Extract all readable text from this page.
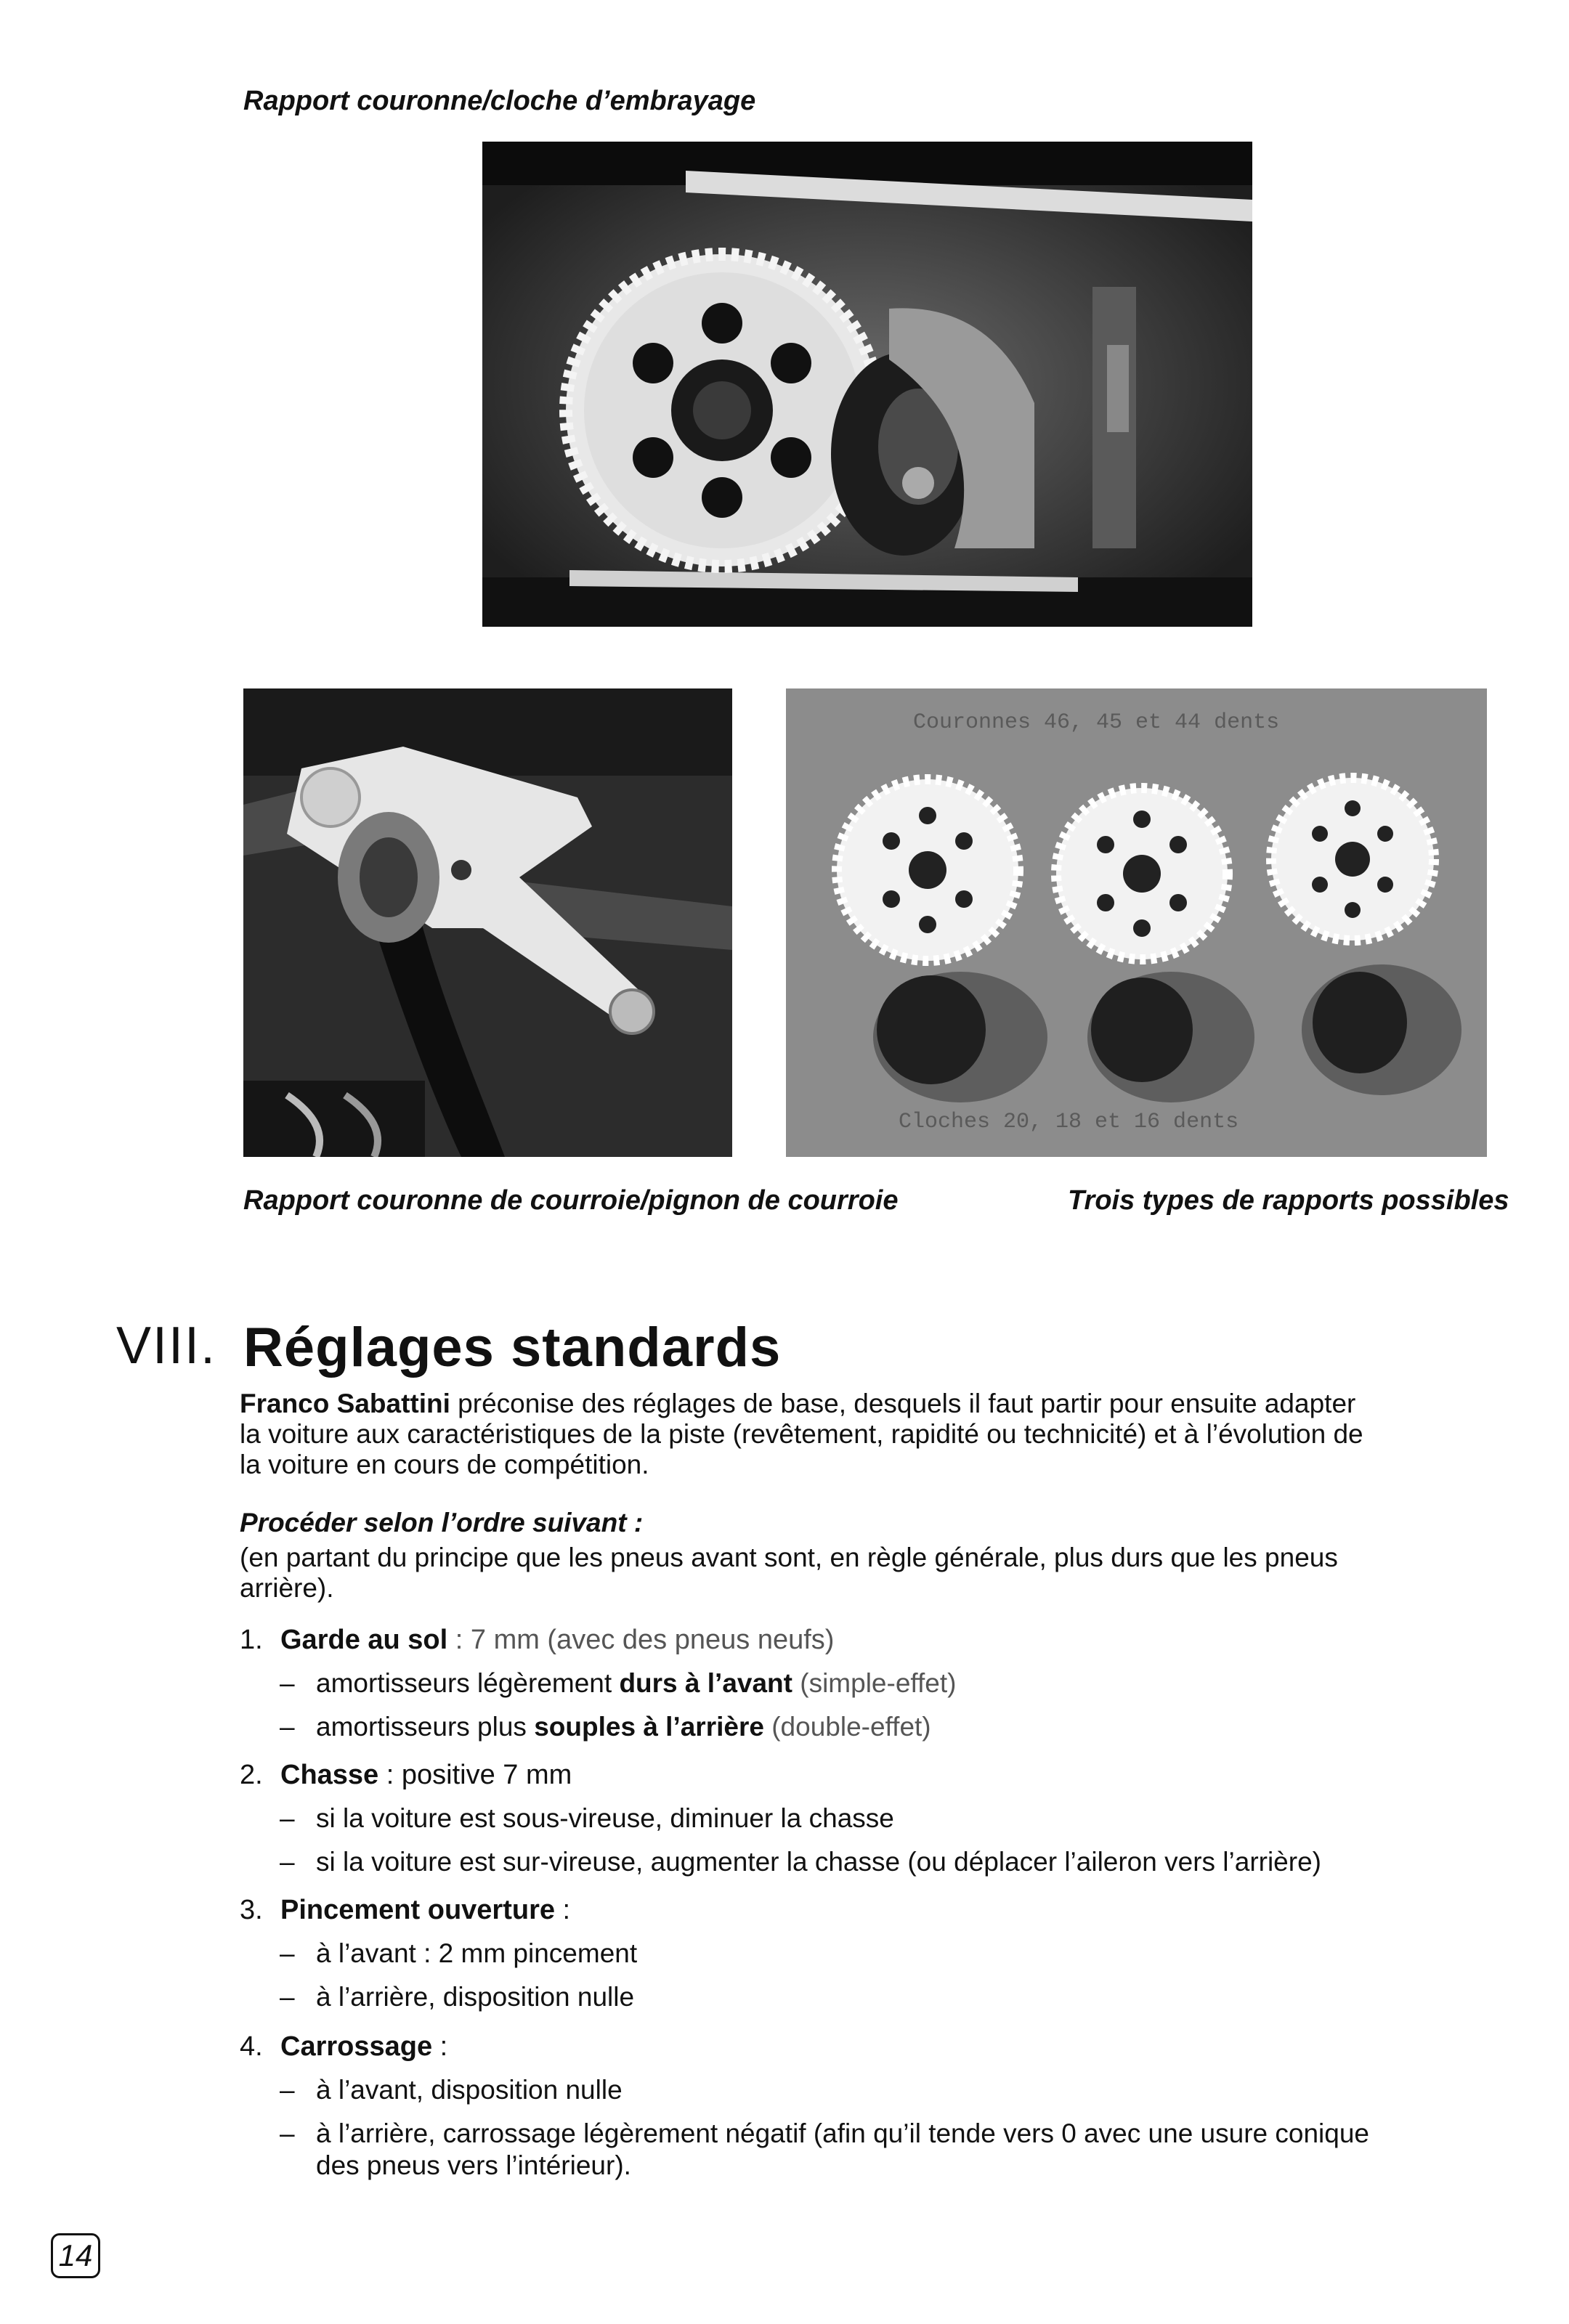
Rapport couronne/cloche d’embrayage
Couronnes 46, 45 et 44 dents
Cloches 20, 18 et 16 dents
Rapport couronne de courroie/pignon de courroie	Trois types de rapports possibles
VIII. Réglages standards
Franco Sabattini préconise des réglages de base, desquels il faut partir pour ensuite adapter
la voiture aux caractéristiques de la piste (revêtement, rapidité ou technicité) et à l’évolution de
la voiture en cours de compétition.
Procéder selon l’ordre suivant :
(en partant du principe que les pneus avant sont, en règle générale, plus durs que les pneus
arrière).
1. Garde au sol : 7 mm (avec des pneus neufs)
– amortisseurs légèrement durs à l’avant (simple-effet)
– amortisseurs plus souples à l’arrière (double-effet)
2. Chasse : positive 7 mm
– si la voiture est sous-vireuse, diminuer la chasse
– si la voiture est sur-vireuse, augmenter la chasse (ou déplacer l’aileron vers l’arrière)
3. Pincement ouverture :
– à l’avant : 2 mm pincement
– à l’arrière, disposition nulle
4. Carrossage :
– à l’avant, disposition nulle
– à l’arrière, carrossage légèrement négatif (afin qu’il tende vers 0 avec une usure conique
des pneus vers l’intérieur).
14
